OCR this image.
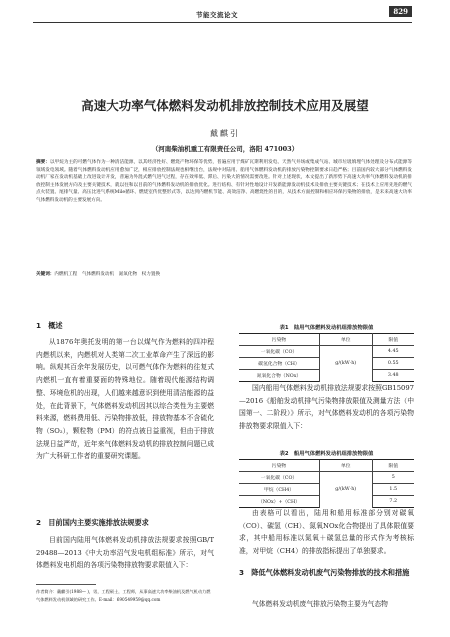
节能交流论文	829
高速大功率气体燃料发动机排放控制技术应用及展望
戴麒引
（河南柴油机重工有限责任公司，洛阳 471003）
摘要：以甲烷为主的可燃气体作为一种清洁能源，以其经济性好、燃烧产物环保等优势，普遍应用于煤矿瓦斯利用发电、天然气井场或集成气站、城市垃圾填埋气体处理及分布式能源等领域发电领域。随着气体燃料发动机应用愈加广泛，相应排放控制法规也相继出台，法规中对陆用、船用气体燃料发动机的排放污染物控制要求日趋严格；目前国内较大部分气体燃料发动机厂家在发动机基础上改进设计开发，普遍为外混式燃气进气过程，存在效率低、滞后、污染大的情况需要改进。针对上述现状，本文提出了新形势下高速大功率气体燃料发动机的排放控制主体发展方向及主要关键技术，就以往和以目前的气体燃料发动机的排放优化。进行结构、有针对性地设计开发新能源发动机技术及排放主要关键技术；在技术上应用先进的燃气点火装置、尾排气量、高压比进气系统Mile循环、燃烧室传优整形式等，以达到内燃机节能、高效洁净、高燃烧性的目的，从技术方面控制和相应环保污染物的排放，是未来高速大功率气体燃料发动机的主要发展方向。
关键词：内燃机工程　气体燃料发动机　氮氧化物　权力置换
1　概述
从1876年奥托发明的第一台以煤气作为燃料的四冲程内燃机以来，内燃机对人类第二次工业革命产生了深远的影响。纵观其百余年发展历史，以可燃气体作为燃料的往复式内燃机一直有着重要面的特殊地位。随着现代能源结构调整、环境危机的出现，人们越来越意识到使用清洁能源的益处，在此背景下，气体燃料发动机因其以综合类性为主要燃料来源，燃料费用低、污染物排放低，排放物基本不含硫化物（SO₂），颗粒物（PM）的符点被日益重视，但由于排放法规日益严苛，近年来气体燃料发动机的排放控制问题已成为广大科研工作者的重要研究课题。
2　目前国内主要实施排放法规要求
目前国内陆用气体燃料发动机排放法规要求按照GB/T 29488—2013《中大功率沼气发电机组标准》所示，对气体燃料发电机组的各项污染物排放物要求限值入下：
作者简介：戴麒引(1988— )，男，工程硕士，工程师，从事高速大功率柴油机及燃气机动力燃气体燃料发动机领域的研究工作。E-mail：690549959@qq.com
表1　陆用气体燃料发动机组排放物限值
污染物	单位	限值
一氧化碳（CO）	g/(kW·h)	4.45
碳氢化合物（CH）		0.55
氮氧化合物（NOx）		3.48
国内船用气体燃料发动机排放法规要求按照GB15097—2016《船舶发动机排气污染物排放限值及测量方法（中国第一、二阶段）》所示，对气体燃料发动机的各项污染物排放物要求限值入下：
表2　船用气体燃料发动机组排放物限值
污染物	单位	限值
一氧化碳（CO）	g/(kW·h)	5
甲烷（CH4）		1.5
（NOx）+（CH）		7.2
由表格可以看出，陆用和船用标准部分别对碳氧（CO）、碳氢（CH）、氮氧NOx化合物提出了具体限值要求，其中船用标准以氮氧＋碳氢总量的形式作为考核标准，对甲烷（CH4）的排放指标提出了单独要求。
3　降低气体燃料发动机废气污染物排放的技术和措施
气体燃料发动机废气排放污染物主要为气态物
